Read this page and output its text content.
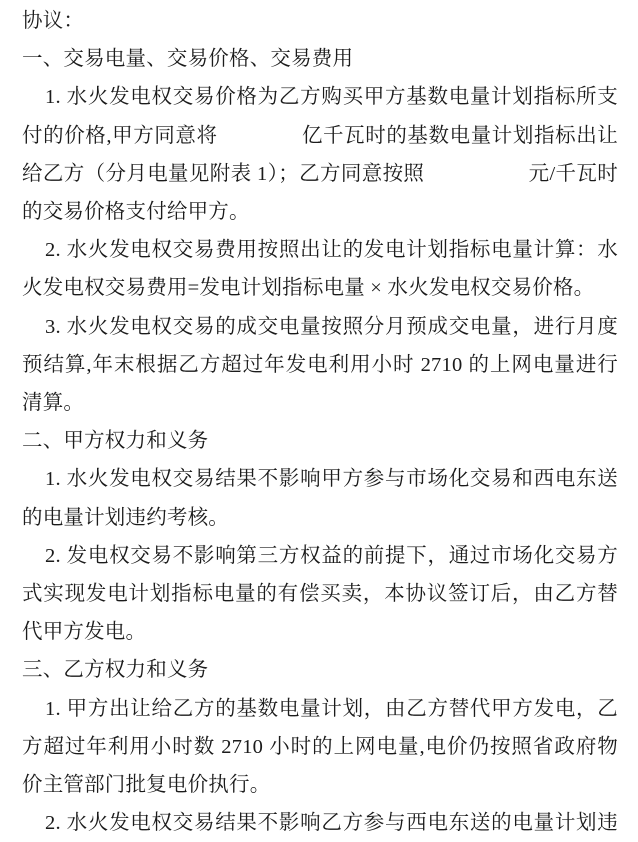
协议：
一、交易电量、交易价格、交易费用
1. 水火发电权交易价格为乙方购买甲方基数电量计划指标所支
付的价格,甲方同意将　　　　亿千瓦时的基数电量计划指标出让
给乙方（分月电量见附表 1）；乙方同意按照　　　　　元/千瓦时
的交易价格支付给甲方。
2. 水火发电权交易费用按照出让的发电计划指标电量计算：水
火发电权交易费用=发电计划指标电量 × 水火发电权交易价格。
3. 水火发电权交易的成交电量按照分月预成交电量，进行月度
预结算,年末根据乙方超过年发电利用小时 2710 的上网电量进行
清算。
二、甲方权力和义务
1. 水火发电权交易结果不影响甲方参与市场化交易和西电东送
的电量计划违约考核。
2. 发电权交易不影响第三方权益的前提下，通过市场化交易方
式实现发电计划指标电量的有偿买卖，本协议签订后，由乙方替
代甲方发电。
三、乙方权力和义务
1. 甲方出让给乙方的基数电量计划，由乙方替代甲方发电，乙
方超过年利用小时数 2710 小时的上网电量,电价仍按照省政府物
价主管部门批复电价执行。
2. 水火发电权交易结果不影响乙方参与西电东送的电量计划违
